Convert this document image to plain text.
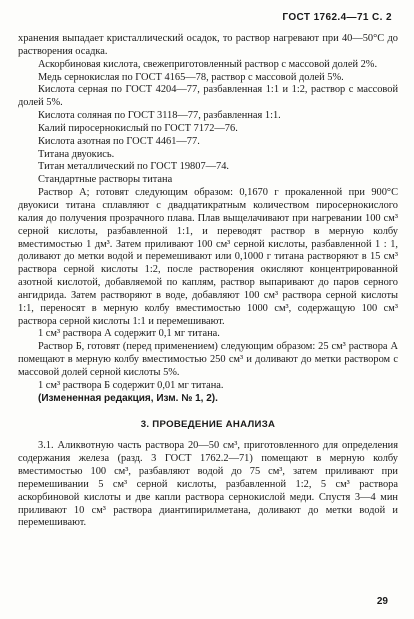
ГОСТ 1762.4—71 С. 2

хранения выпадает кристаллический осадок, то раствор нагревают при 40—50°С до растворения осадка.

Аскорбиновая кислота, свежеприготовленный раствор с массовой долей 2%.

Медь сернокислая по ГОСТ 4165—78, раствор с массовой долей 5%.

Кислота серная по ГОСТ 4204—77, разбавленная 1:1 и 1:2, раствор с массовой долей 5%.

Кислота соляная по ГОСТ 3118—77, разбавленная 1:1.

Калий пиросернокислый по ГОСТ 7172—76.

Кислота азотная по ГОСТ 4461—77.

Титана двуокись.

Титан металлический по ГОСТ 19807—74.

Стандартные растворы титана

Раствор А; готовят следующим образом: 0,1670 г прокаленной при 900°С двуокиси титана сплавляют с двадцатикратным количеством пиросернокислого калия до получения прозрачного плава. Плав выщелачивают при нагревании 100 см³ серной кислоты, разбавленной 1:1, и переводят раствор в мерную колбу вместимостью 1 дм³. Затем приливают 100 см³ серной кислоты, разбавленной 1 : 1, доливают до метки водой и перемешивают или 0,1000 г титана растворяют в 15 см³ раствора серной кислоты 1:2, после растворения окисляют концентрированной азотной кислотой, добавляемой по каплям, раствор выпаривают до паров серного ангидрида. Затем растворяют в воде, добавляют 100 см³ раствора серной кислоты 1:1, переносят в мерную колбу вместимостью 1000 см³, содержащую 100 см³ раствора серной кислоты 1:1 и перемешивают.

1 см³ раствора А содержит 0,1 мг титана.

Раствор Б, готовят (перед применением) следующим образом: 25 см³ раствора А помещают в мерную колбу вместимостью 250 см³ и доливают до метки раствором с массовой долей серной кислоты 5%.

1 см³ раствора Б содержит 0,01 мг титана.

(Измененная редакция, Изм. № 1, 2).

3. ПРОВЕДЕНИЕ АНАЛИЗА

3.1. Аликвотную часть раствора 20—50 см³, приготовленного для определения содержания железа (разд. 3 ГОСТ 1762.2—71) помещают в мерную колбу вместимостью 100 см³, разбавляют водой до 75 см³, затем приливают при перемешивании 5 см³ серной кислоты, разбавленной 1:2, 5 см³ раствора аскорбиновой кислоты и две капли раствора сернокислой меди. Спустя 3—4 мин приливают 10 см³ раствора диантипирилметана, доливают до метки водой и перемешивают.

29
